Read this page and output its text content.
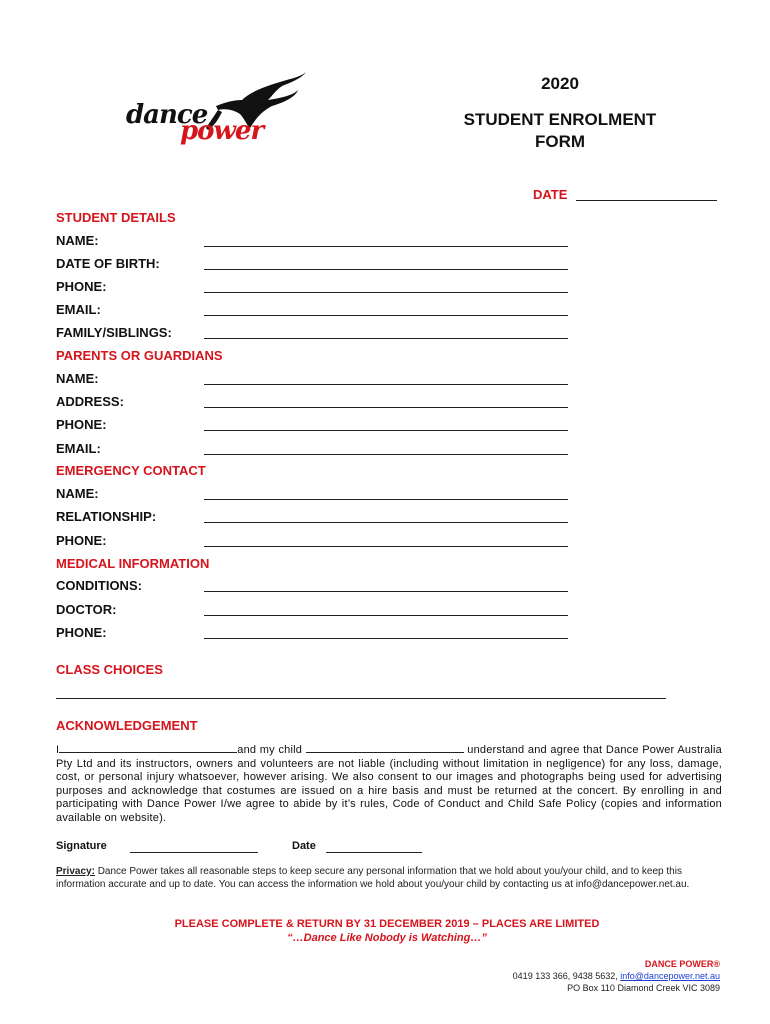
dance
power
2020
STUDENT ENROLMENT
FORM
DATE
STUDENT DETAILS
NAME:
DATE OF BIRTH:
PHONE:
EMAIL:
FAMILY/SIBLINGS:
PARENTS OR GUARDIANS
NAME:
ADDRESS:
PHONE:
EMAIL:
EMERGENCY CONTACT
NAME:
RELATIONSHIP:
PHONE:
MEDICAL INFORMATION
CONDITIONS:
DOCTOR:
PHONE:
CLASS CHOICES
ACKNOWLEDGEMENT
I	and my child	understand and agree that Dance Power Australia Pty Ltd and its instructors, owners and volunteers are not liable (including without limitation in negligence) for any loss, damage, cost, or personal injury whatsoever, however arising. We also consent to our images and photographs being used for advertising purposes and acknowledge that costumes are issued on a hire basis and must be returned at the concert. By enrolling in and participating with Dance Power I/we agree to abide by it’s rules, Code of Conduct and Child Safe Policy (copies and information available on website).
Signature	Date
Privacy: Dance Power takes all reasonable steps to keep secure any personal information that we hold about you/your child, and to keep this information accurate and up to date. You can access the information we hold about you/your child by contacting us at info@dancepower.net.au.
PLEASE COMPLETE & RETURN BY 31 DECEMBER 2019 – PLACES ARE LIMITED
“…Dance Like Nobody is Watching…”
DANCE POWER®
0419 133 366, 9438 5632, info@dancepower.net.au
PO Box 110 Diamond Creek VIC 3089
